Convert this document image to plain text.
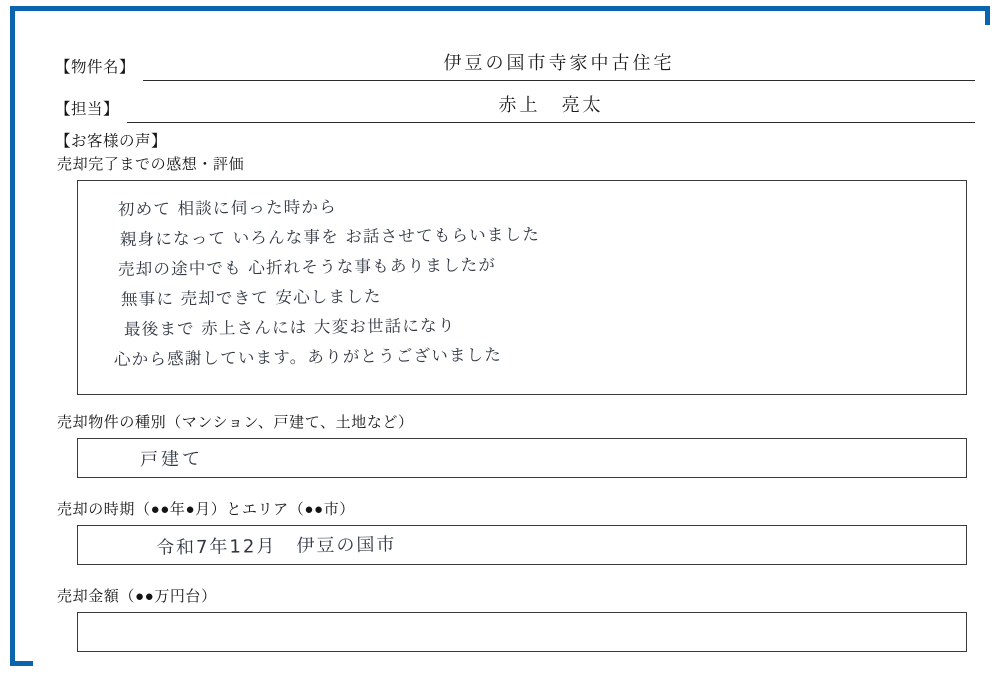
【物件名】	伊豆の国市寺家中古住宅
【担当】	赤上　亮太
【お客様の声】
売却完了までの感想・評価
初めて 相談に伺った時から
親身になって いろんな事を お話させてもらいました
売却の途中でも 心折れそうな事もありましたが
無事に 売却できて 安心しました
最後まで 赤上さんには 大変お世話になり
心から感謝しています。ありがとうございました
売却物件の種別（マンション、戸建て、土地など）
戸建て
売却の時期（●●年●月）とエリア（●●市）
令和7年12月　伊豆の国市
売却金額（●●万円台）
